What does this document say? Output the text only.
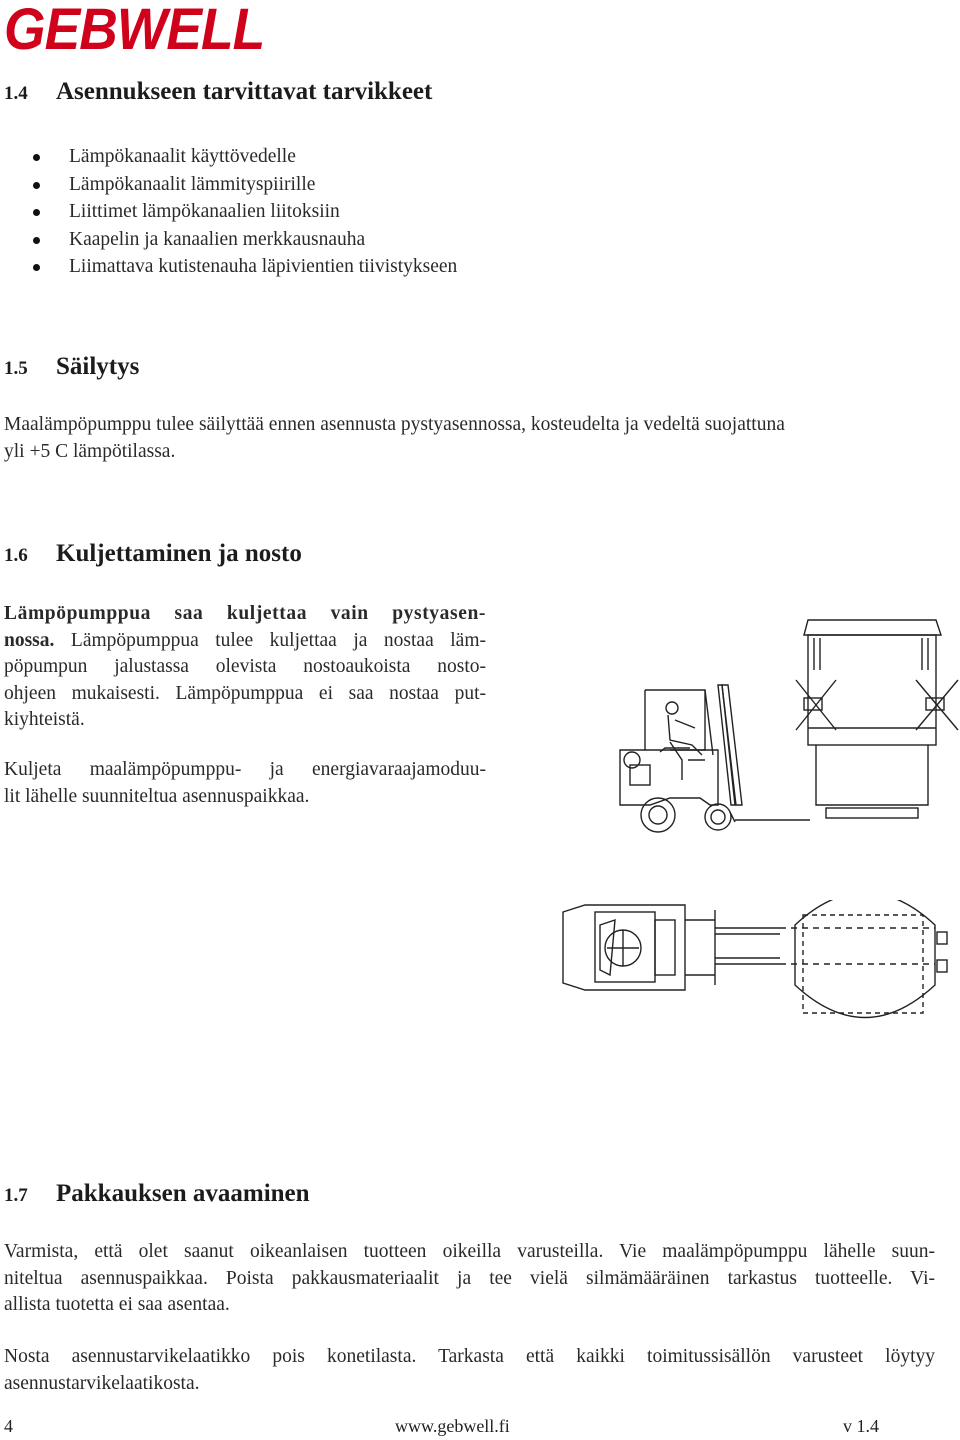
GEBWELL
1.4 Asennukseen tarvittavat tarvikkeet
Lämpökanaalit käyttövedelle
Lämpökanaalit lämmityspiirille
Liittimet lämpökanaalien liitoksiin
Kaapelin ja kanaalien merkkausnauha
Liimattava kutistenauha läpivientien tiivistykseen
1.5 Säilytys
Maalämpöpumppu tulee säilyttää ennen asennusta pystyasennossa, kosteudelta ja vedeltä suojattuna
yli +5 C lämpötilassa.
1.6 Kuljettaminen ja nosto
Lämpöpumppua saa kuljettaa vain pystyasen-
nossa. Lämpöpumppua tulee kuljettaa ja nostaa läm-
pöpumpun jalustassa olevista nostoaukoista nosto-
ohjeen mukaisesti. Lämpöpumppua ei saa nostaa put-
kiyhteistä.
Kuljeta maalämpöpumppu- ja energiavaraajamoduu-
lit lähelle suunniteltua asennuspaikkaa.
1.7 Pakkauksen avaaminen
Varmista, että olet saanut oikeanlaisen tuotteen oikeilla varusteilla. Vie maalämpöpumppu lähelle suun-
niteltua asennuspaikkaa. Poista pakkausmateriaalit ja tee vielä silmämääräinen tarkastus tuotteelle. Vi-
allista tuotetta ei saa asentaa.
Nosta asennustarvikelaatikko pois konetilasta. Tarkasta että kaikki toimitussisällön varusteet löytyy
asennustarvikelaatikosta.
4	www.gebwell.fi	v 1.4
